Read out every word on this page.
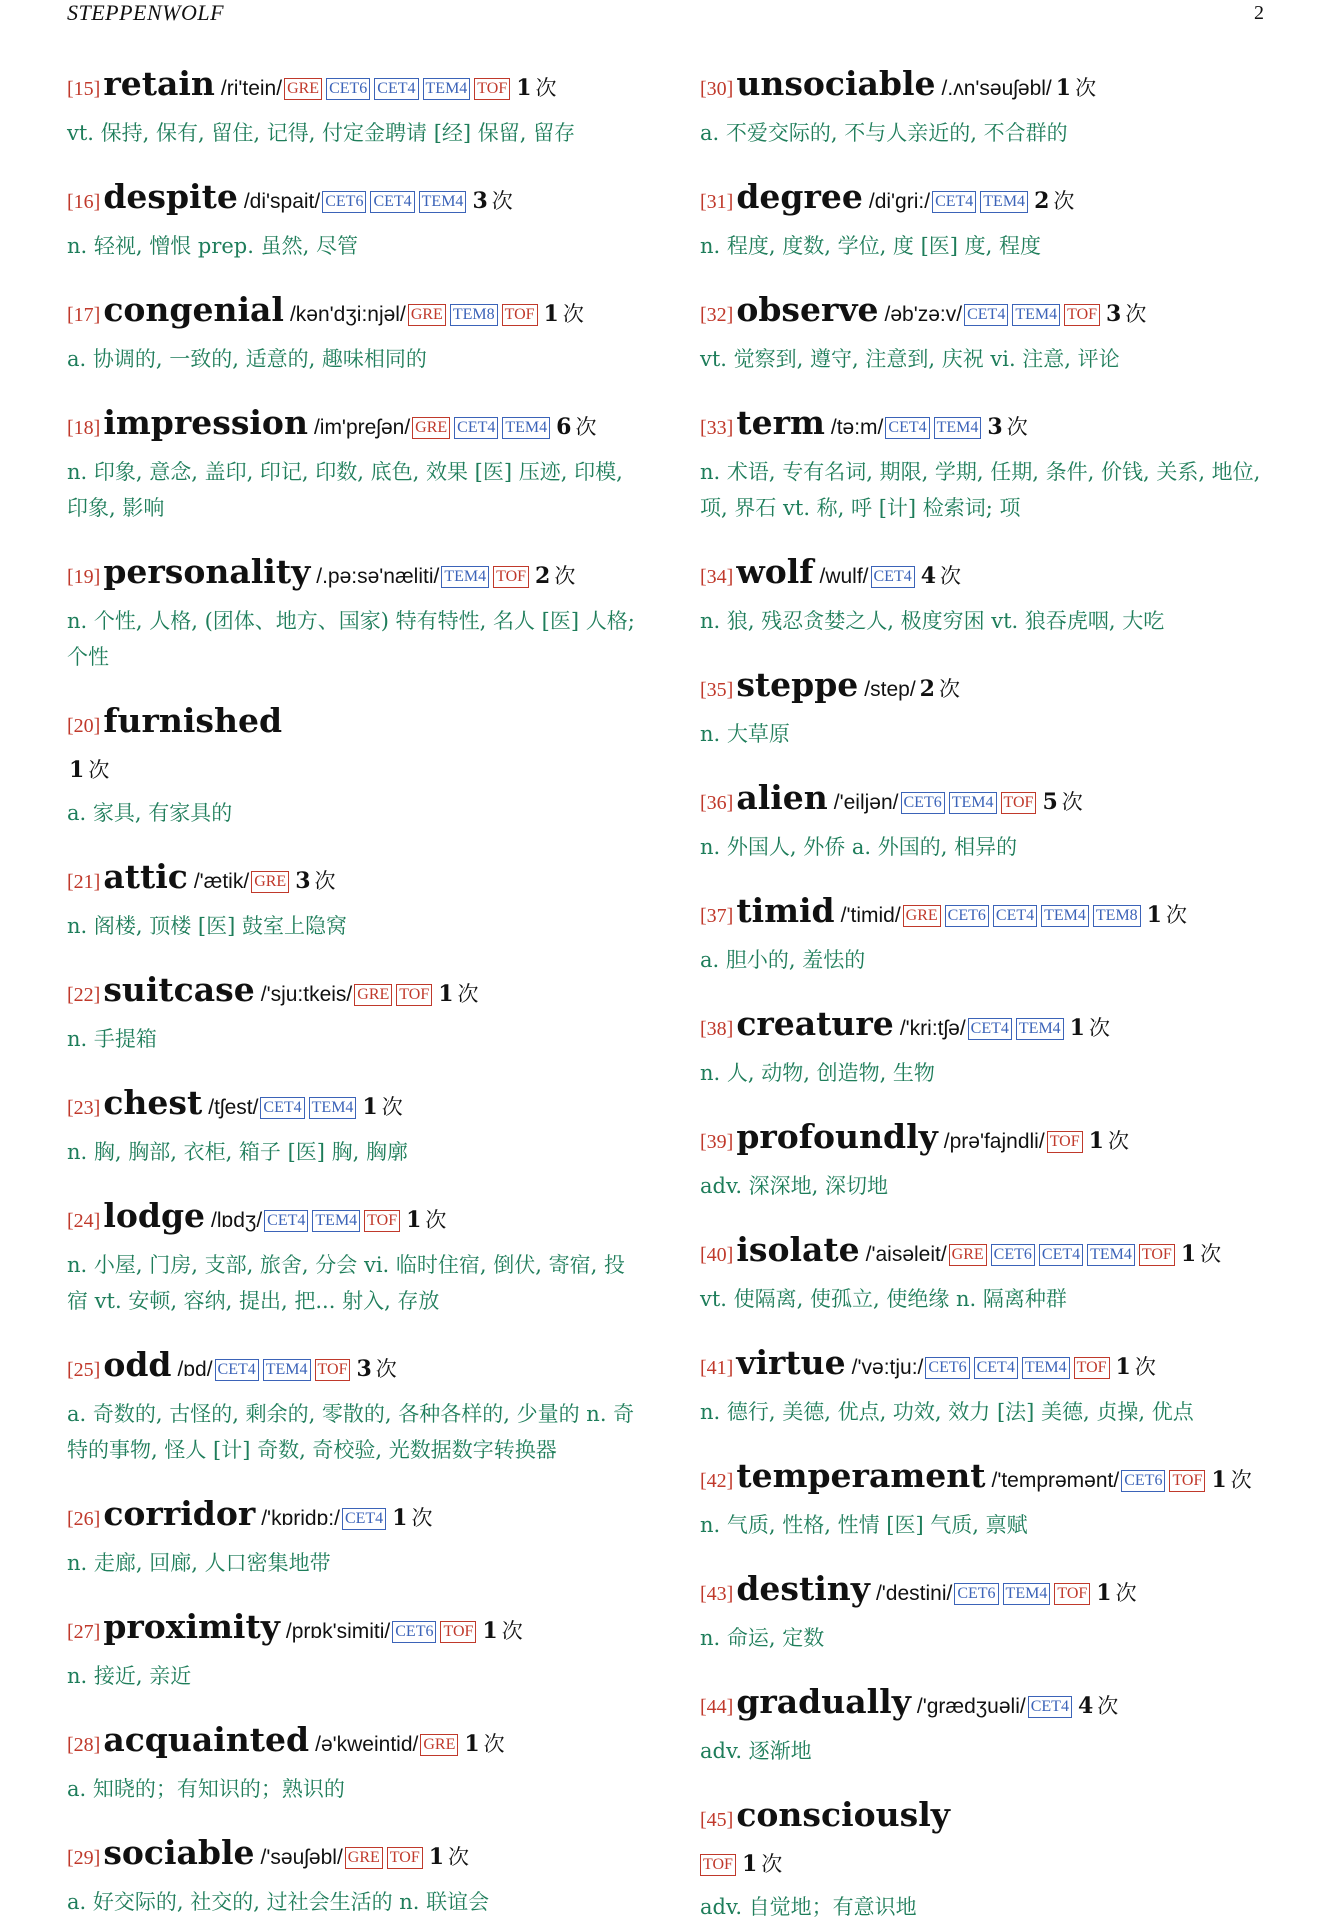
STEPPENWOLF	2
[15]retain /ri'tein/ GRE CET6 CET4 TEM4 TOF 1 次
vt. 保持, 保有, 留住, 记得, 付定金聘请 [经] 保留, 留存
[16]despite /di'spait/ CET6 CET4 TEM4 3 次
n. 轻视, 憎恨 prep. 虽然, 尽管
[17]congenial /kən'dʒi:njəl/ GRE TEM8 TOF 1 次
a. 协调的, 一致的, 适意的, 趣味相同的
[18]impression /im'preʃən/ GRE CET4 TEM4 6 次
n. 印象, 意念, 盖印, 印记, 印数, 底色, 效果 [医] 压迹, 印模, 印象, 影响
[19]personality /.pə:sə'næliti/ TEM4 TOF 2 次
n. 个性, 人格, (团体、地方、国家) 特有特性, 名人 [医] 人格; 个性
[20]furnished
1 次
a. 家具, 有家具的
[21]attic /'ætik/ GRE 3 次
n. 阁楼, 顶楼 [医] 鼓室上隐窝
[22]suitcase /'sju:tkeis/ GRE TOF 1 次
n. 手提箱
[23]chest /tʃest/ CET4 TEM4 1 次
n. 胸, 胸部, 衣柜, 箱子 [医] 胸, 胸廓
[24]lodge /lɒdʒ/ CET4 TEM4 TOF 1 次
n. 小屋, 门房, 支部, 旅舍, 分会 vi. 临时住宿, 倒伏, 寄宿, 投宿 vt. 安顿, 容纳, 提出, 把... 射入, 存放
[25]odd /ɒd/ CET4 TEM4 TOF 3 次
a. 奇数的, 古怪的, 剩余的, 零散的, 各种各样的, 少量的 n. 奇特的事物, 怪人 [计] 奇数, 奇校验, 光数据数字转换器
[26]corridor /'kɒridɒ:/ CET4 1 次
n. 走廊, 回廊, 人口密集地带
[27]proximity /prɒk'simiti/ CET6 TOF 1 次
n. 接近, 亲近
[28]acquainted /ə'kweintid/ GRE 1 次
a. 知晓的；有知识的；熟识的
[29]sociable /'səuʃəbl/ GRE TOF 1 次
a. 好交际的, 社交的, 过社会生活的 n. 联谊会
[30]unsociable /.ʌn'səuʃəbl/ 1 次
a. 不爱交际的, 不与人亲近的, 不合群的
[31]degree /di'gri:/ CET4 TEM4 2 次
n. 程度, 度数, 学位, 度 [医] 度, 程度
[32]observe /əb'zə:v/ CET4 TEM4 TOF 3 次
vt. 觉察到, 遵守, 注意到, 庆祝 vi. 注意, 评论
[33]term /tə:m/ CET4 TEM4 3 次
n. 术语, 专有名词, 期限, 学期, 任期, 条件, 价钱, 关系, 地位, 项, 界石 vt. 称, 呼 [计] 检索词; 项
[34]wolf /wulf/ CET4 4 次
n. 狼, 残忍贪婪之人, 极度穷困 vt. 狼吞虎咽, 大吃
[35]steppe /step/ 2 次
n. 大草原
[36]alien /'eiljən/ CET6 TEM4 TOF 5 次
n. 外国人, 外侨 a. 外国的, 相异的
[37]timid /'timid/ GRE CET6 CET4 TEM4 TEM8 1 次
a. 胆小的, 羞怯的
[38]creature /'kri:tʃə/ CET4 TEM4 1 次
n. 人, 动物, 创造物, 生物
[39]profoundly /prə'fajndli/ TOF 1 次
adv. 深深地, 深切地
[40]isolate /'aisəleit/ GRE CET6 CET4 TEM4 TOF 1 次
vt. 使隔离, 使孤立, 使绝缘 n. 隔离种群
[41]virtue /'və:tju:/ CET6 CET4 TEM4 TOF 1 次
n. 德行, 美德, 优点, 功效, 效力 [法] 美德, 贞操, 优点
[42]temperament /'temprəmənt/ CET6 TOF 1 次
n. 气质, 性格, 性情 [医] 气质, 禀赋
[43]destiny /'destini/ CET6 TEM4 TOF 1 次
n. 命运, 定数
[44]gradually /'grædʒuəli/ CET4 4 次
adv. 逐渐地
[45]consciously
TOF 1 次
adv. 自觉地；有意识地
